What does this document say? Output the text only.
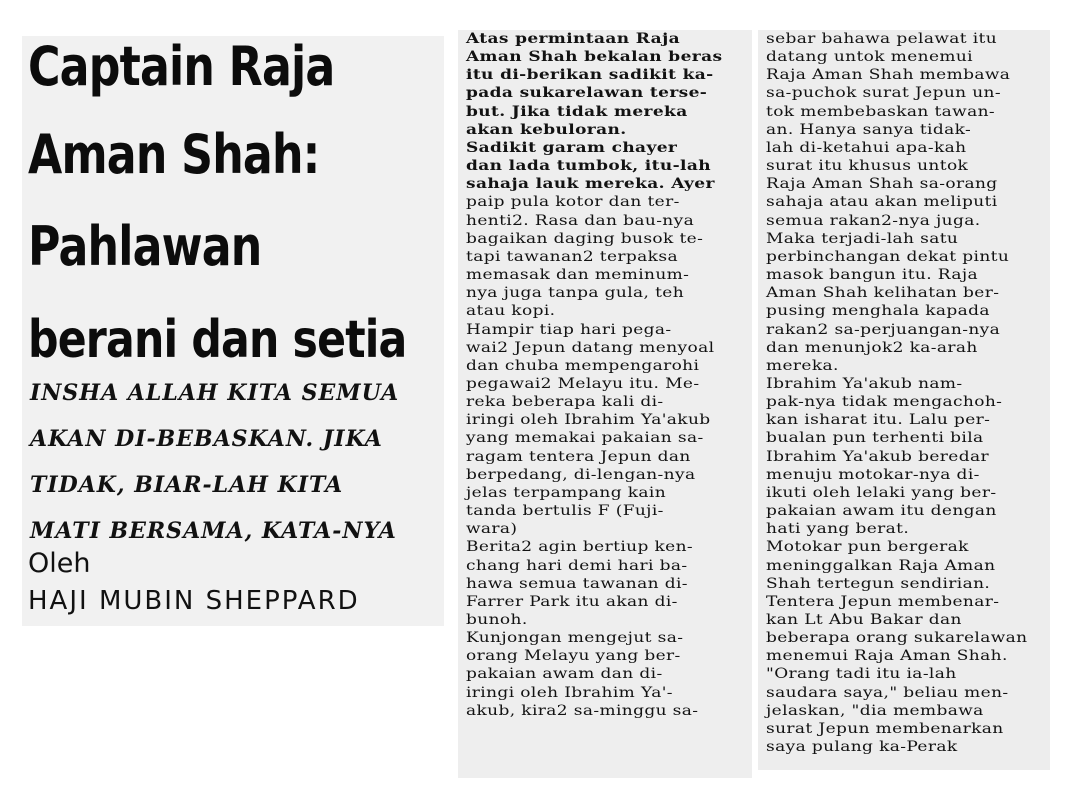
Captain Raja
Aman Shah:
Pahlawan
berani dan setia
INSHA ALLAH KITA SEMUA
AKAN DI-BEBASKAN. JIKA
TIDAK, BIAR-LAH KITA
MATI BERSAMA, KATA-NYA
Oleh
HAJI MUBIN SHEPPARD

Atas permintaan Raja
Aman Shah bekalan beras
itu di-berikan sadikit ka-
pada sukarelawan terse-
but. Jika tidak mereka
akan kebuloran.
Sadikit garam chayer
dan lada tumbok, itu-lah
sahaja lauk mereka. Ayer
paip pula kotor dan ter-
henti2. Rasa dan bau-nya
bagaikan daging busok te-
tapi tawanan2 terpaksa
memasak dan meminum-
nya juga tanpa gula, teh
atau kopi.
Hampir tiap hari pega-
wai2 Jepun datang menyoal
dan chuba mempengarohi
pegawai2 Melayu itu. Me-
reka beberapa kali di-
iringi oleh Ibrahim Ya'akub
yang memakai pakaian sa-
ragam tentera Jepun dan
berpedang, di-lengan-nya
jelas terpampang kain
tanda bertulis F (Fuji-
wara)
Berita2 agin bertiup ken-
chang hari demi hari ba-
hawa semua tawanan di-
Farrer Park itu akan di-
bunoh.
Kunjongan mengejut sa-
orang Melayu yang ber-
pakaian awam dan di-
iringi oleh Ibrahim Ya'-
akub, kira2 sa-minggu sa-

sebar bahawa pelawat itu
datang untok menemui
Raja Aman Shah membawa
sa-puchok surat Jepun un-
tok membebaskan tawan-
an. Hanya sanya tidak-
lah di-ketahui apa-kah
surat itu khusus untok
Raja Aman Shah sa-orang
sahaja atau akan meliputi
semua rakan2-nya juga.
Maka terjadi-lah satu
perbinchangan dekat pintu
masok bangun itu. Raja
Aman Shah kelihatan ber-
pusing menghala kapada
rakan2 sa-perjuangan-nya
dan menunjok2 ka-arah
mereka.
Ibrahim Ya'akub nam-
pak-nya tidak mengachoh-
kan isharat itu. Lalu per-
bualan pun terhenti bila
Ibrahim Ya'akub beredar
menuju motokar-nya di-
ikuti oleh lelaki yang ber-
pakaian awam itu dengan
hati yang berat.
Motokar pun bergerak
meninggalkan Raja Aman
Shah tertegun sendirian.
Tentera Jepun membenar-
kan Lt Abu Bakar dan
beberapa orang sukarelawan
menemui Raja Aman Shah.
"Orang tadi itu ia-lah
saudara saya," beliau men-
jelaskan, "dia membawa
surat Jepun membenarkan
saya pulang ka-Perak
